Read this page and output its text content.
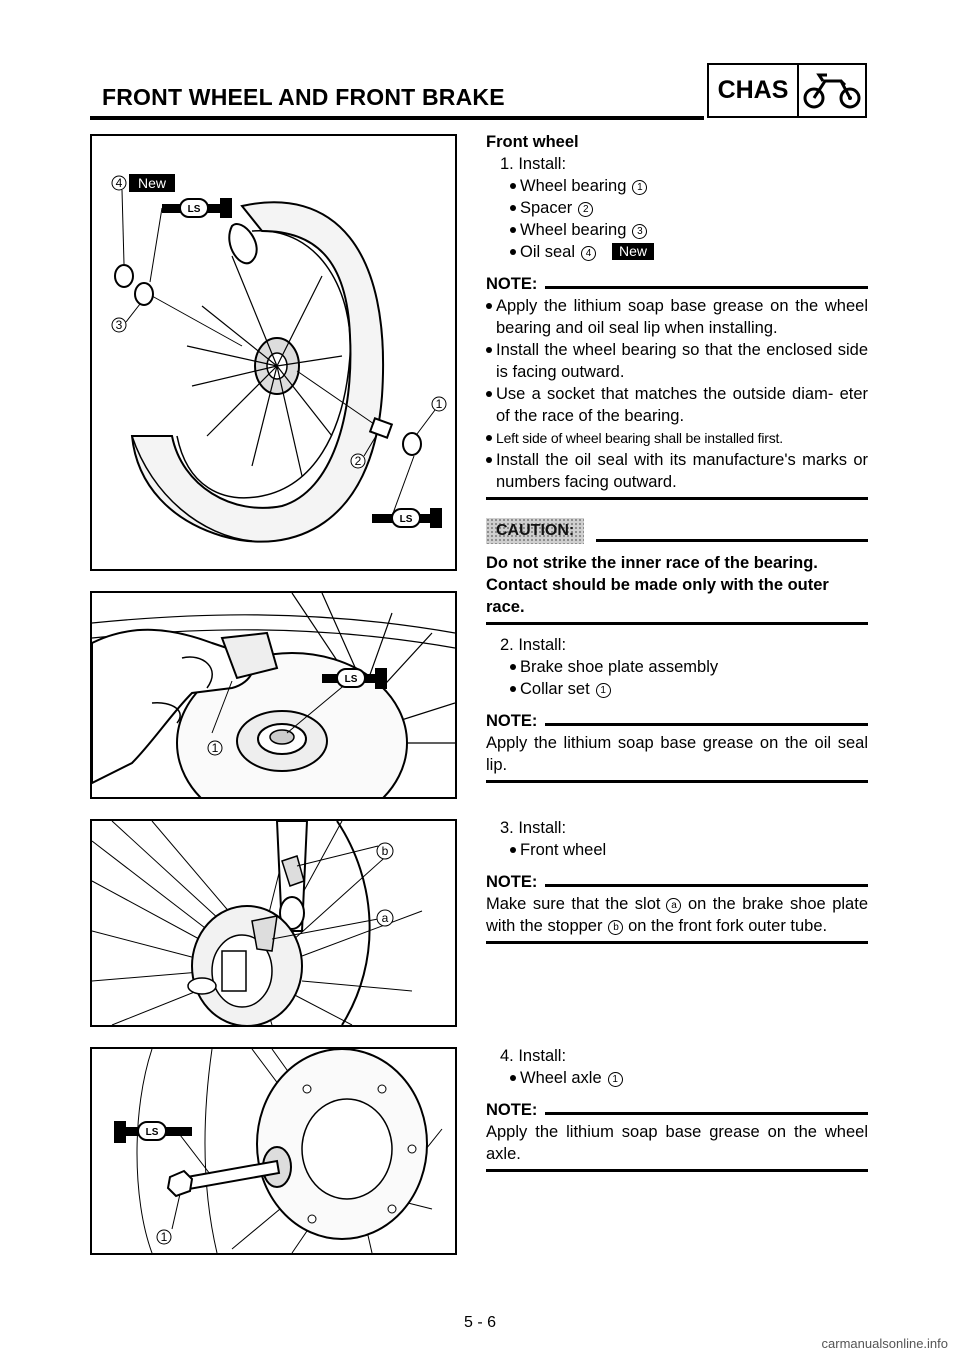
FRONT WHEEL AND FRONT BRAKE	CHAS
LS
LS
New
4
3
1
2
LS
1
b
a
LS
1
Front wheel
1. Install:
Wheel bearing 1
Spacer 2
Wheel bearing 3
Oil seal 4 New
NOTE:
Apply the lithium soap base grease on the wheel bearing and oil seal lip when installing.
Install the wheel bearing so that the enclosed side is facing outward.
Use a socket that matches the outside diam- eter of the race of the bearing.
Left side of wheel bearing shall be installed first.
Install the oil seal with its manufacture's marks or numbers facing outward.
CAUTION:
Do not strike the inner race of the bearing. Contact should be made only with the outer race.
2. Install:
Brake shoe plate assembly
Collar set 1
NOTE:
Apply the lithium soap base grease on the oil seal lip.
3. Install:
Front wheel
NOTE:
Make sure that the slot a on the brake shoe plate with the stopper b on the front fork outer tube.
4. Install:
Wheel axle 1
NOTE:
Apply the lithium soap base grease on the wheel axle.
5 - 6
carmanualsonline.info
